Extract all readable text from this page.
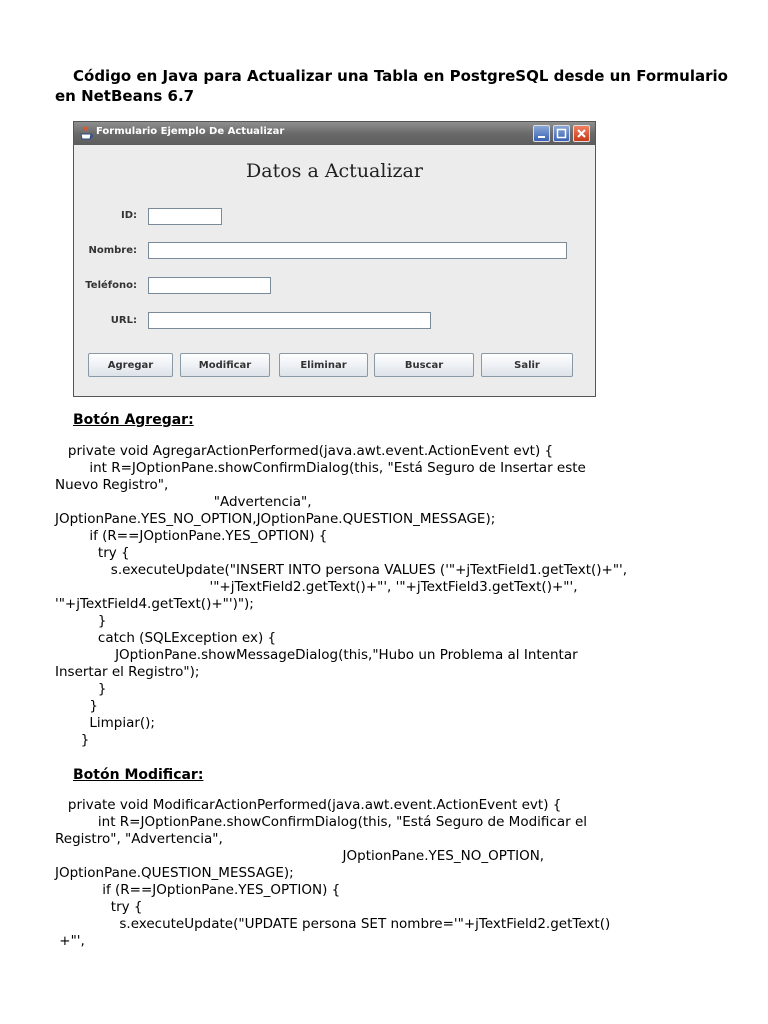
Código en Java para Actualizar una Tabla en PostgreSQL desde un Formulario en NetBeans 6.7

Formulario Ejemplo De Actualizar
Datos a Actualizar
ID:
Nombre:
Teléfono:
URL:
Agregar	Modificar	Eliminar	Buscar	Salir

Botón Agregar:

private void AgregarActionPerformed(java.awt.event.ActionEvent evt) {
int R=JOptionPane.showConfirmDialog(this, "Está Seguro de Insertar este
Nuevo Registro",
"Advertencia",
JOptionPane.YES_NO_OPTION,JOptionPane.QUESTION_MESSAGE);
if (R==JOptionPane.YES_OPTION) {
try {
s.executeUpdate("INSERT INTO persona VALUES ('"+jTextField1.getText()+"',
'"+jTextField2.getText()+"', '"+jTextField3.getText()+"',
'"+jTextField4.getText()+"')");
}
catch (SQLException ex) {
JOptionPane.showMessageDialog(this,"Hubo un Problema al Intentar
Insertar el Registro");
}
}
Limpiar();
}

Botón Modificar:

private void ModificarActionPerformed(java.awt.event.ActionEvent evt) {
int R=JOptionPane.showConfirmDialog(this, "Está Seguro de Modificar el
Registro", "Advertencia",
JOptionPane.YES_NO_OPTION,
JOptionPane.QUESTION_MESSAGE);
if (R==JOptionPane.YES_OPTION) {
try {
s.executeUpdate("UPDATE persona SET nombre='"+jTextField2.getText()
+"',
